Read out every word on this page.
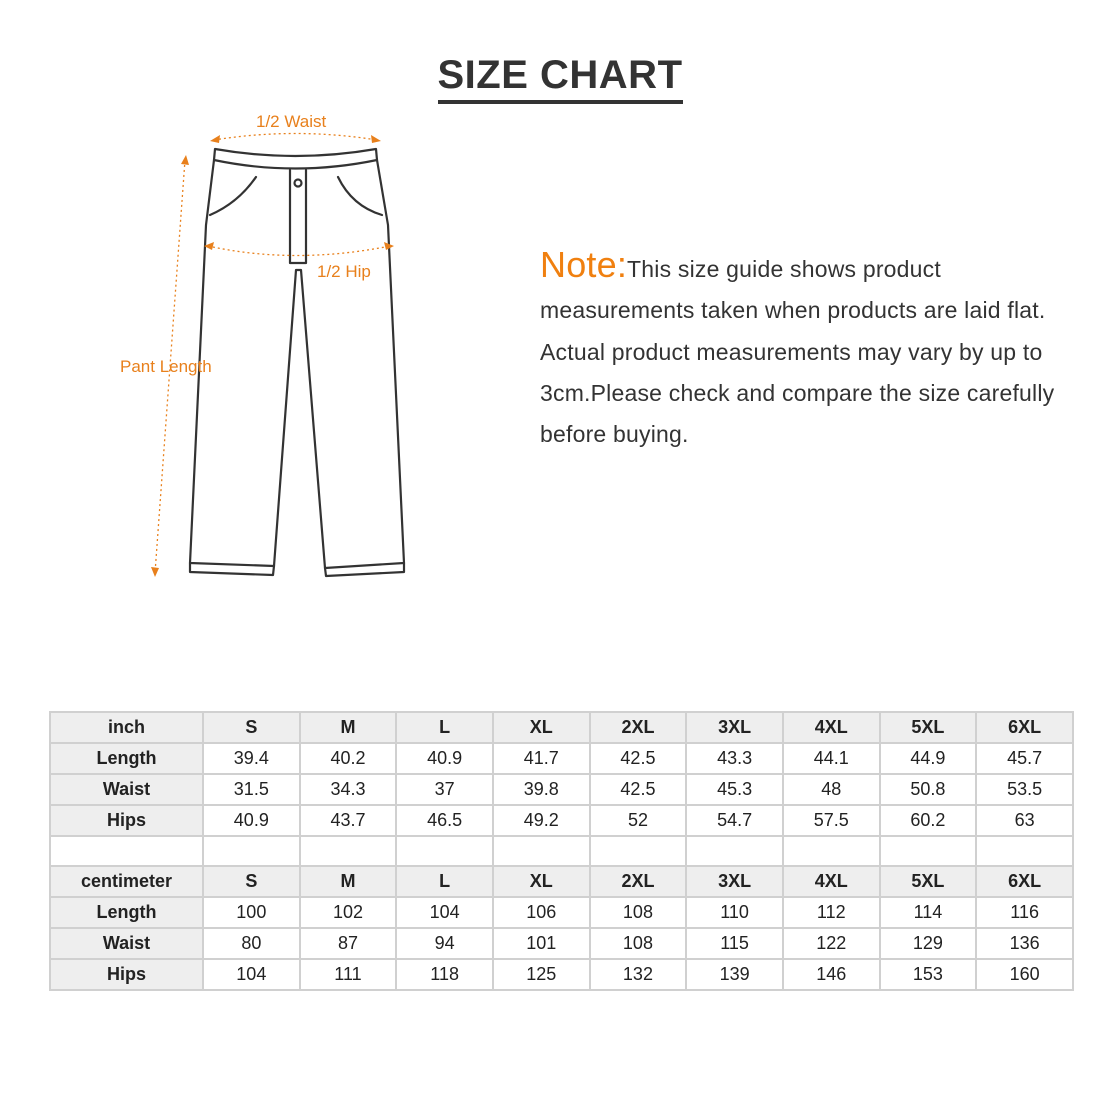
SIZE CHART
1/2 Waist
1/2 Hip
Pant Length
Note:This size guide shows product measurements taken when products are laid flat. Actual product measurements may vary by up to 3cm.Please check and compare the size carefully before buying.
inch	S	M	L	XL	2XL	3XL	4XL	5XL	6XL
Length	39.4	40.2	40.9	41.7	42.5	43.3	44.1	44.9	45.7
Waist	31.5	34.3	37	39.8	42.5	45.3	48	50.8	53.5
Hips	40.9	43.7	46.5	49.2	52	54.7	57.5	60.2	63

centimeter	S	M	L	XL	2XL	3XL	4XL	5XL	6XL
Length	100	102	104	106	108	110	112	114	116
Waist	80	87	94	101	108	115	122	129	136
Hips	104	111	118	125	132	139	146	153	160
